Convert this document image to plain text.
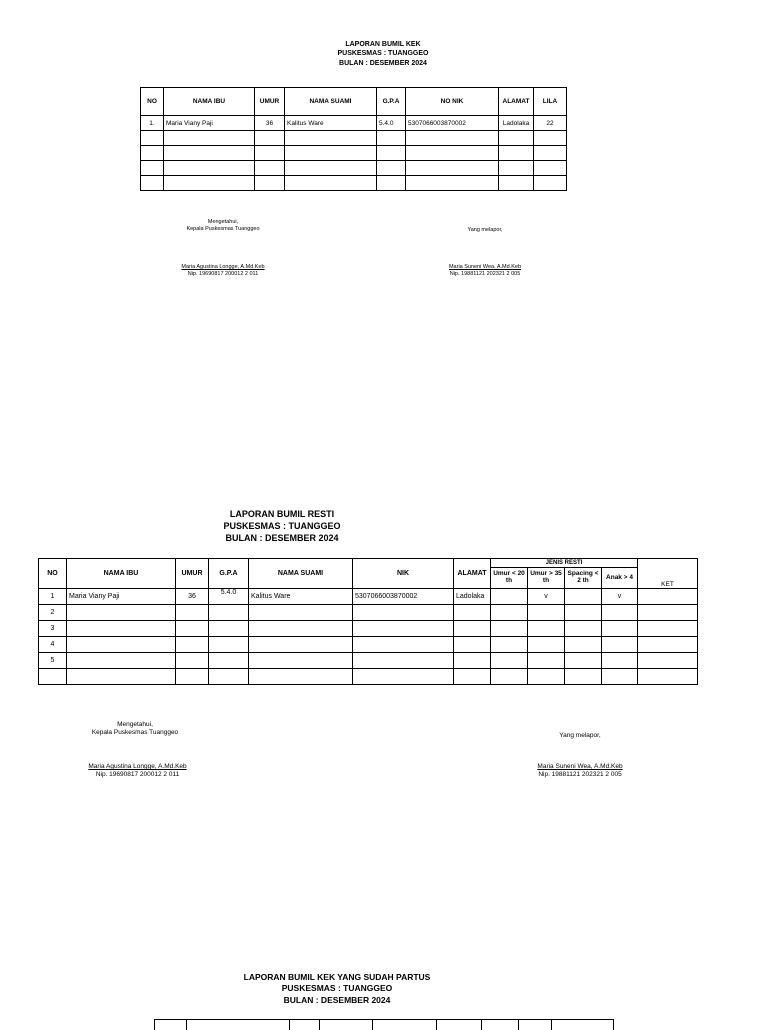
LAPORAN BUMIL KEK
PUSKESMAS : TUANGGEO
BULAN : DESEMBER 2024
NO	NAMA IBU	UMUR	NAMA SUAMI	G.P.A	NO NIK	ALAMAT	LILA
1.	Maria Viany Paji	36	Kalitus Ware	5.4.0	5307066003870002	Ladolaka	22

Mengetahui,
Kepala Puskesmas Tuanggeo	Yang melapor,
Maria Agustina Longge, A.Md.Keb
Nip. 19690817 200012 2 011
Maria Suneni Wea, A.Md.Keb
Nip. 19881121 202321 2 005
LAPORAN BUMIL RESTI
PUSKESMAS : TUANGGEO
BULAN : DESEMBER 2024
NO	NAMA IBU	UMUR	G.P.A	NAMA SUAMI	NIK	ALAMAT	JENIS RESTI				KET
							Umur < 20 th	Umur > 35 th	Spacing < 2 th	Anak > 4	
1	Maria Viany Paji	36	5.4.0	Kalitus Ware	5307066003870002	Ladolaka		v		v	
2											
3											
4											
5											

Mengetahui,
Kepala Puskesmas Tuanggeo	Yang melapor,
Maria Agustina Longge, A.Md.Keb
Nip. 19690817 200012 2 011
Maria Suneni Wea, A.Md.Keb
Nip. 19881121 202321 2 005
LAPORAN BUMIL KEK YANG SUDAH PARTUS
PUSKESMAS : TUANGGEO
BULAN : DESEMBER 2024
